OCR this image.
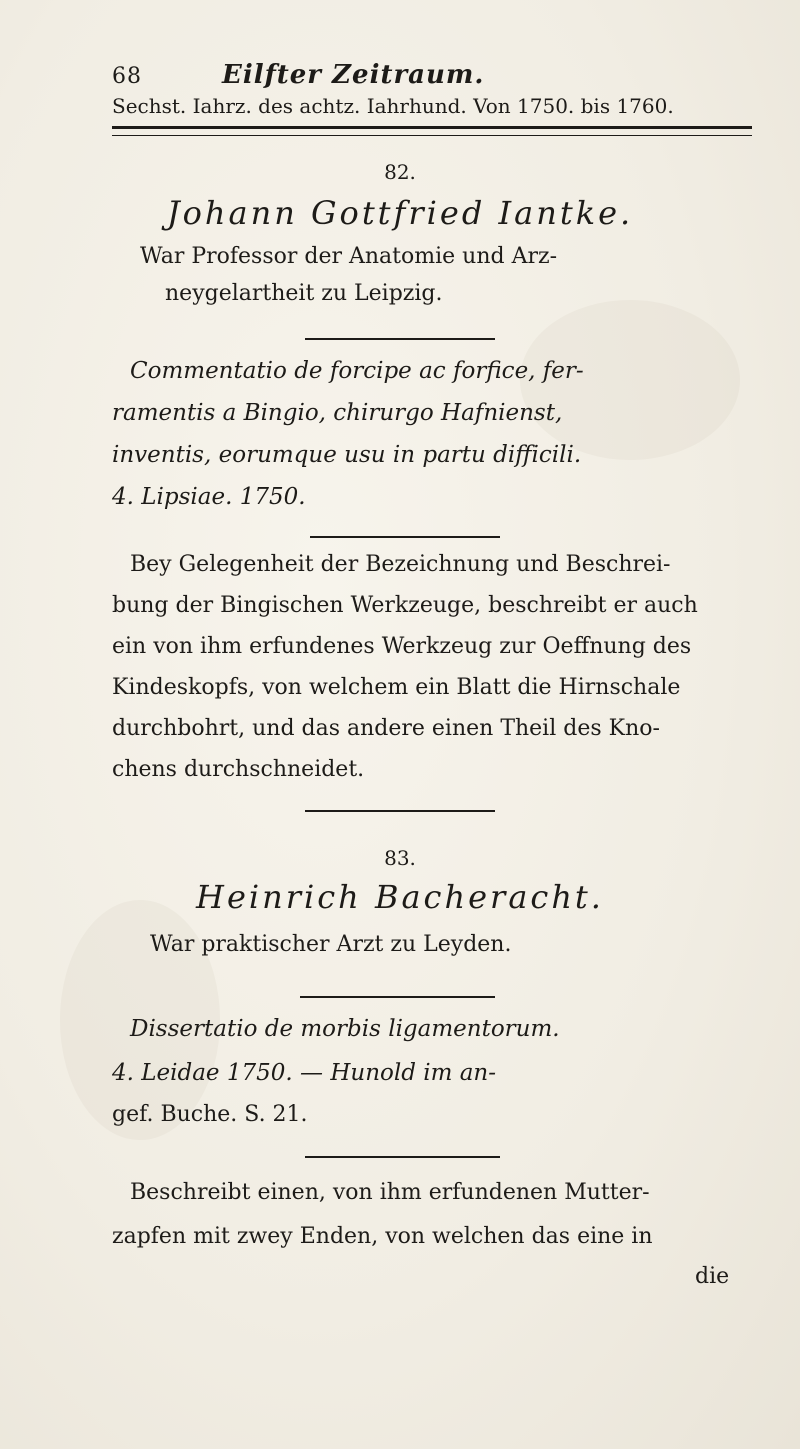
68	Eilfter Zeitraum.
Sechst. Iahrz. des achtz. Iahrhund. Von 1750. bis 1760.
82.
Johann Gottfried Iantke.
War Professor der Anatomie und Arz-
neygelartheit zu Leipzig.
Commentatio de forcipe ac forfice, fer-
ramentis a Bingio, chirurgo Hafnienst,
inventis, eorumque usu in partu difficili.
4. Lipsiae. 1750.
Bey Gelegenheit der Bezeichnung und Beschrei-
bung der Bingischen Werkzeuge, beschreibt er auch
ein von ihm erfundenes Werkzeug zur Oeffnung des
Kindeskopfs, von welchem ein Blatt die Hirnschale
durchbohrt, und das andere einen Theil des Kno-
chens durchschneidet.
83.
Heinrich Bacheracht.
War praktischer Arzt zu Leyden.
Dissertatio de morbis ligamentorum.
4. Leidae 1750. — Hunold im an-
gef. Buche. S. 21.
Beschreibt einen, von ihm erfundenen Mutter-
zapfen mit zwey Enden, von welchen das eine in
die
